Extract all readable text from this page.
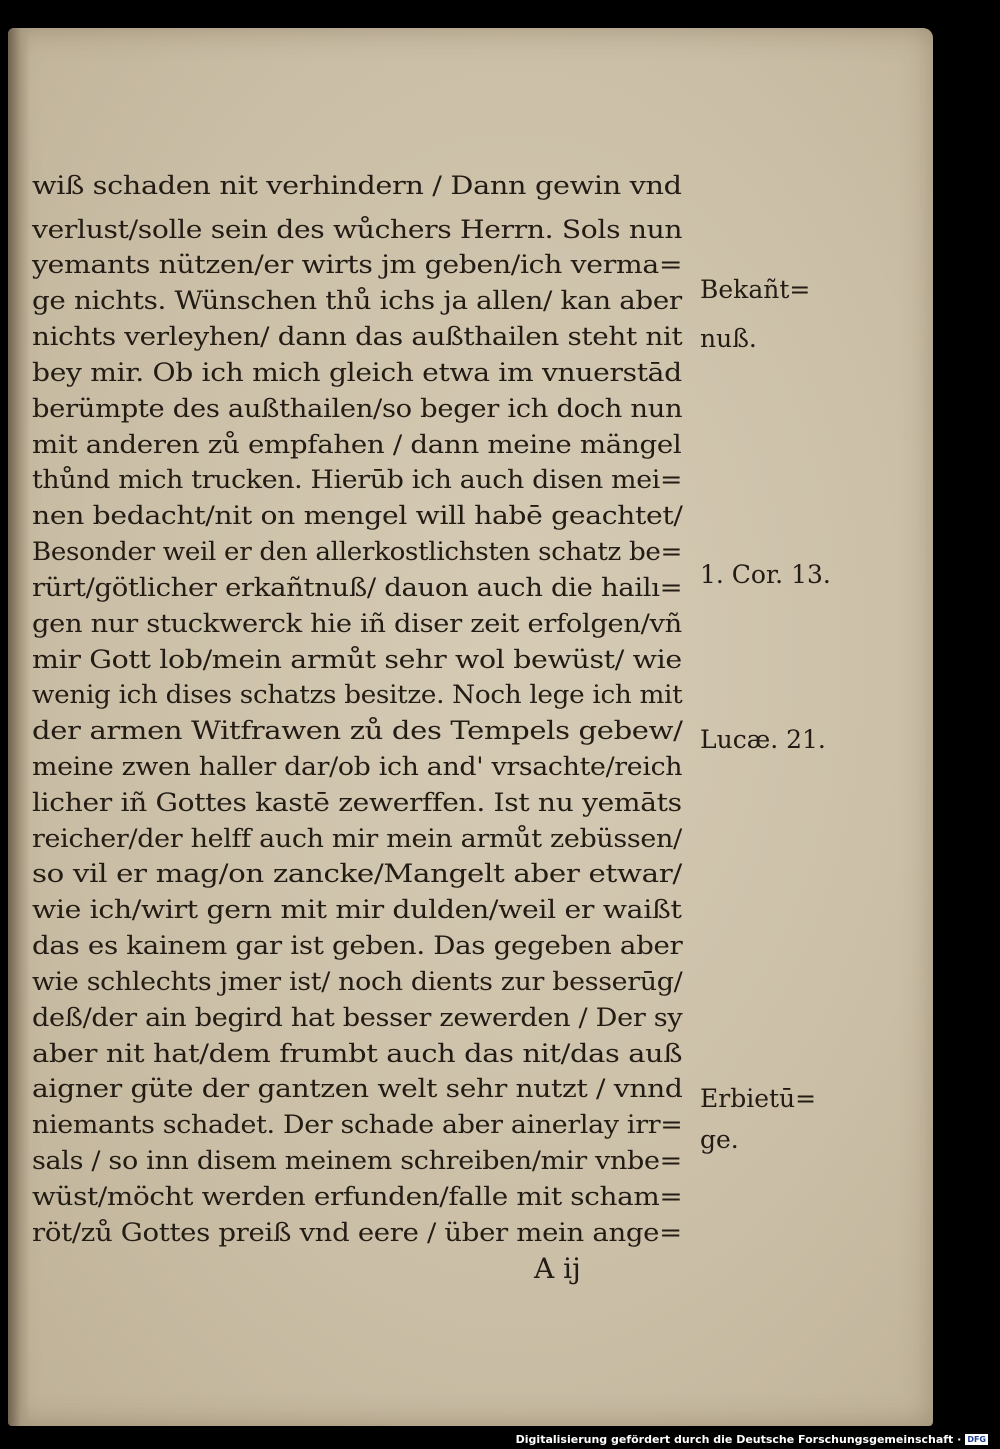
wiß schaden nit verhindern / Dann gewin vnd
verlust/solle sein des wůchers Herrn. Sols nun
yemants nützen/er wirts jm geben/ich verma=
ge nichts. Wünschen thů ichs ja allen/ kan aber
nichts verleyhen/ dann das außthailen steht nit
bey mir. Ob ich mich gleich etwa im vnuerstād
berümpte des außthailen/so beger ich doch nun
mit anderen zů empfahen / dann meine mängel
thůnd mich trucken. Hierūb ich auch disen mei=
nen bedacht/nit on mengel will habē geachtet/
Besonder weil er den allerkostlichsten schatz be=
rürt/götlicher erkañtnuß/ dauon auch die hailı=
gen nur stuckwerck hie iñ diser zeit erfolgen/vñ
mir Gott lob/mein armůt sehr wol bewüst/ wie
wenig ich dises schatzs besitze. Noch lege ich mit
der armen Witfrawen zů des Tempels gebew/
meine zwen haller dar/ob ich and' vrsachte/reich
licher iñ Gottes kastē zewerffen. Ist nu yemāts
reicher/der helff auch mir mein armůt zebüssen/
so vil er mag/on zancke/Mangelt aber etwar/
wie ich/wirt gern mit mir dulden/weil er waißt
das es kainem gar ist geben. Das gegeben aber
wie schlechts jmer ist/ noch dients zur besserūg/
deß/der ain begird hat besser zewerden / Der sy
aber nit hat/dem frumbt auch das nit/das auß
aigner güte der gantzen welt sehr nutzt / vnnd
niemants schadet. Der schade aber ainerlay irr=
sals / so inn disem meinem schreiben/mir vnbe=
wüst/möcht werden erfunden/falle mit scham=
röt/zů Gottes preiß vnd eere / über mein ange=
Bekañt=
nuß.
1. Cor. 13.
Lucæ. 21.
Erbietū=
ge.
A ij
Digitalisierung gefördert durch die Deutsche Forschungsgemeinschaft · DFG
